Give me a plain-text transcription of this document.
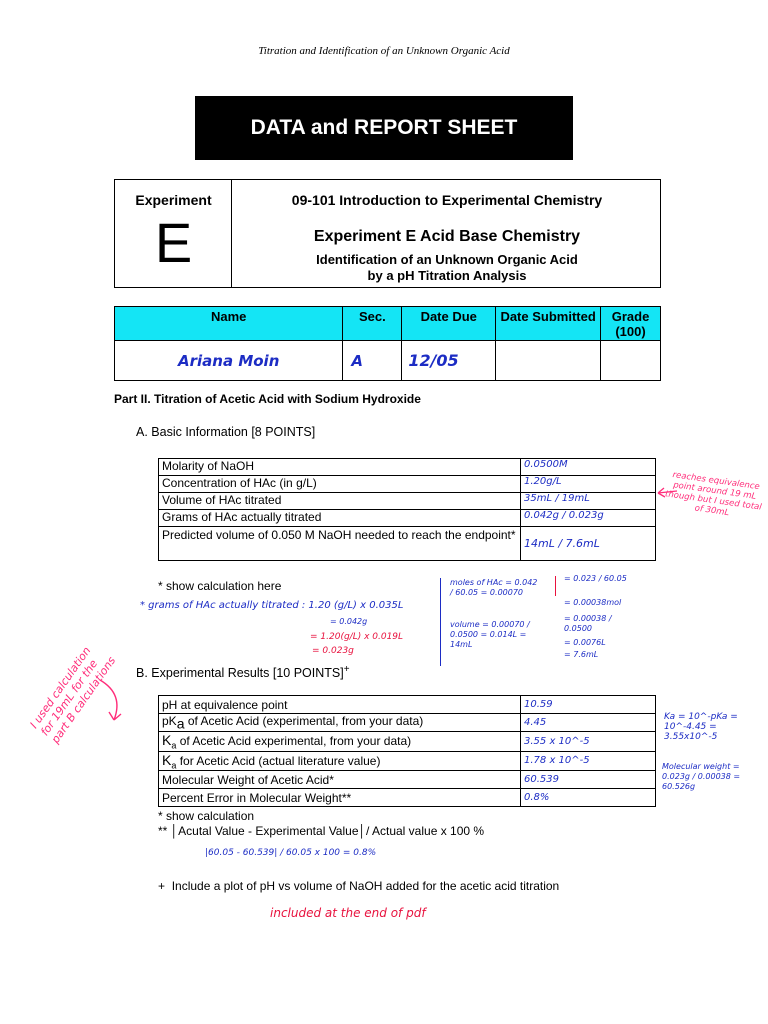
Titration and Identification of an Unknown Organic Acid
DATA and REPORT SHEET
Experiment
E
09-101 Introduction to Experimental Chemistry
Experiment E Acid Base Chemistry
Identification of an Unknown Organic Acid
by a pH Titration Analysis
Name	Sec.	Date Due	Date Submitted	Grade (100)
Ariana Moin	A	12/05		
Part II. Titration of Acetic Acid with Sodium Hydroxide
A. Basic Information [8 POINTS]
Molarity of NaOH	0.0500M
Concentration of HAc (in g/L)	1.20g/L
Volume of HAc titrated	35mL / 19mL
Grams of HAc actually titrated	0.042g / 0.023g
Predicted volume of 0.050 M NaOH needed to reach the endpoint*	14mL / 7.6mL
reaches equivalence point around 19 mL though but I used total of 30mL
* show calculation here
* grams of HAc actually titrated : 1.20 (g/L) x 0.035L
= 0.042g
= 1.20(g/L) x 0.019L
= 0.023g
moles of HAc = 0.042 / 60.05 = 0.00070
volume = 0.00070 / 0.0500 = 0.014L = 14mL
= 0.023 / 60.05
= 0.00038mol
= 0.00038 / 0.0500
= 0.0076L
= 7.6mL
I used calculation for 19mL for the part B calculations	B. Experimental Results [10 POINTS]+
pH at equivalence point	10.59
$pK_a$ of Acetic Acid (experimental, from your data)	4.45
$K_a$ of Acetic Acid experimental, from your data)	3.55 x 10^-5
$K_a$ for Acetic Acid (actual literature value)	1.78 x 10^-5
Molecular Weight of Acetic Acid*	60.539
Percent Error in Molecular Weight**	0.8%
Ka = 10^-pKa = 10^-4.45 = 3.55x10^-5
Molecular weight = 0.023g / 0.00038 = 60.526g
* show calculation
** │Acutal Value - Experimental Value│/ Actual value x 100 %
|60.05 - 60.539| / 60.05 x 100 = 0.8%
+ Include a plot of pH vs volume of NaOH added for the acetic acid titration
included at the end of pdf
